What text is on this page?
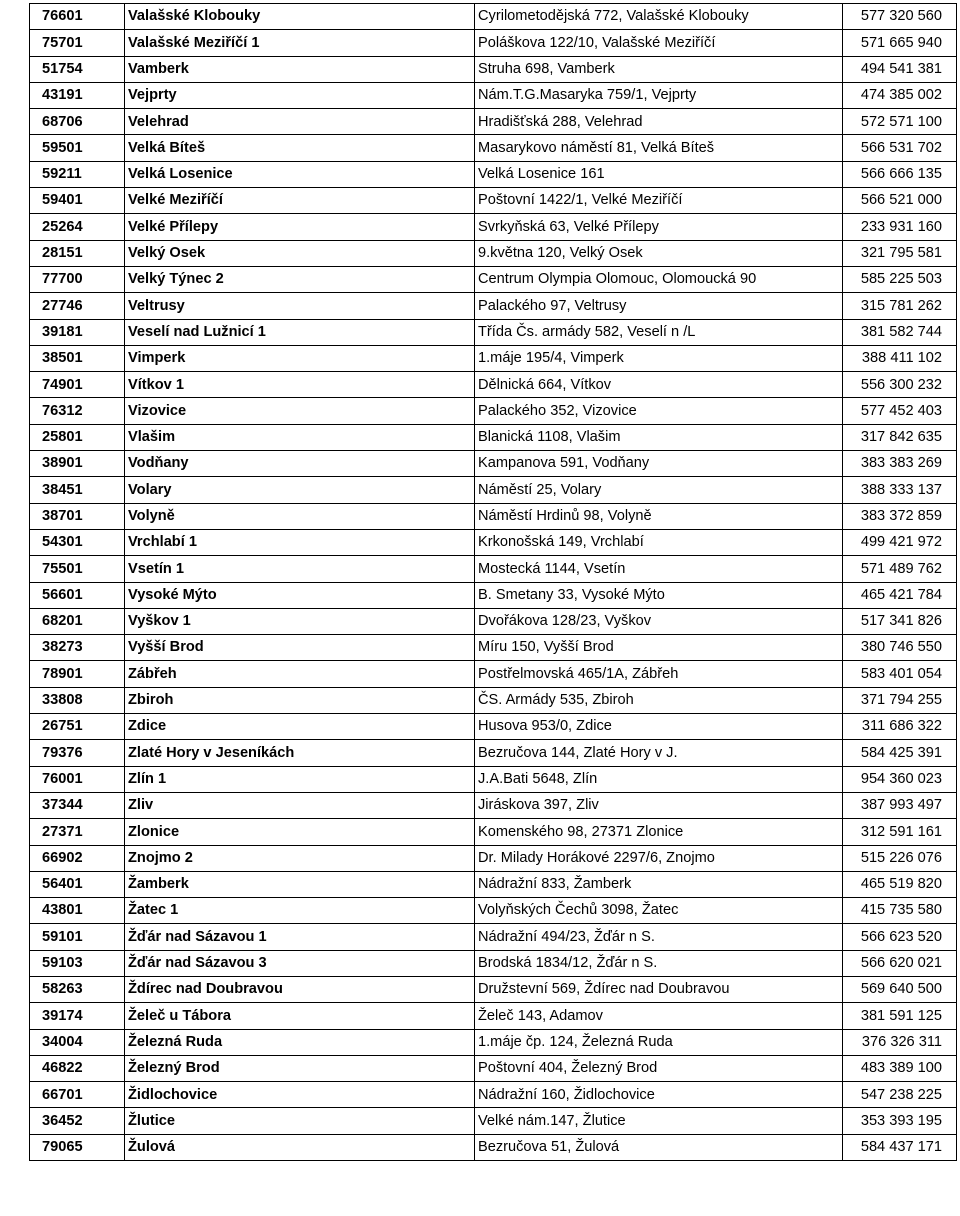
76601	Valašské Klobouky	Cyrilometodějská 772, Valašské Klobouky	577 320 560
75701	Valašské Meziříčí 1	Poláškova 122/10, Valašské Meziříčí	571 665 940
51754	Vamberk	Struha 698, Vamberk	494 541 381
43191	Vejprty	Nám.T.G.Masaryka 759/1, Vejprty	474 385 002
68706	Velehrad	Hradišťská 288, Velehrad	572 571 100
59501	Velká Bíteš	Masarykovo náměstí 81, Velká Bíteš	566 531 702
59211	Velká Losenice	Velká Losenice 161	566 666 135
59401	Velké Meziříčí	Poštovní 1422/1, Velké Meziříčí	566 521 000
25264	Velké Přílepy	Svrkyňská 63, Velké Přílepy	233 931 160
28151	Velký Osek	9.května 120, Velký Osek	321 795 581
77700	Velký Týnec 2	Centrum Olympia Olomouc, Olomoucká 90	585 225 503
27746	Veltrusy	Palackého 97, Veltrusy	315 781 262
39181	Veselí nad Lužnicí 1	Třída Čs. armády 582, Veselí n /L	381 582 744
38501	Vimperk	1.máje 195/4, Vimperk	388 411 102
74901	Vítkov 1	Dělnická 664, Vítkov	556 300 232
76312	Vizovice	Palackého 352, Vizovice	577 452 403
25801	Vlašim	Blanická 1108, Vlašim	317 842 635
38901	Vodňany	Kampanova 591, Vodňany	383 383 269
38451	Volary	Náměstí 25, Volary	388 333 137
38701	Volyně	Náměstí Hrdinů 98, Volyně	383 372 859
54301	Vrchlabí 1	Krkonošská 149, Vrchlabí	499 421 972
75501	Vsetín 1	Mostecká 1144, Vsetín	571 489 762
56601	Vysoké Mýto	B. Smetany 33, Vysoké Mýto	465 421 784
68201	Vyškov 1	Dvořákova 128/23, Vyškov	517 341 826
38273	Vyšší Brod	Míru 150, Vyšší Brod	380 746 550
78901	Zábřeh	Postřelmovská 465/1A, Zábřeh	583 401 054
33808	Zbiroh	ČS. Armády 535, Zbiroh	371 794 255
26751	Zdice	Husova 953/0, Zdice	311 686 322
79376	Zlaté Hory v Jeseníkách	Bezručova 144, Zlaté Hory v J.	584 425 391
76001	Zlín 1	J.A.Bati 5648, Zlín	954 360 023
37344	Zliv	Jiráskova 397, Zliv	387 993 497
27371	Zlonice	Komenského 98, 27371 Zlonice	312 591 161
66902	Znojmo 2	Dr. Milady Horákové 2297/6, Znojmo	515 226 076
56401	Žamberk	Nádražní 833, Žamberk	465 519 820
43801	Žatec 1	Volyňských Čechů 3098, Žatec	415 735 580
59101	Žďár nad Sázavou 1	Nádražní 494/23, Žďár n S.	566 623 520
59103	Žďár nad Sázavou 3	Brodská 1834/12, Žďár n S.	566 620 021
58263	Ždírec nad Doubravou	Družstevní 569, Ždírec nad Doubravou	569 640 500
39174	Želeč u Tábora	Želeč 143, Adamov	381 591 125
34004	Železná Ruda	1.máje čp. 124, Železná Ruda	376 326 311
46822	Železný Brod	Poštovní 404, Železný Brod	483 389 100
66701	Židlochovice	Nádražní 160, Židlochovice	547 238 225
36452	Žlutice	Velké nám.147, Žlutice	353 393 195
79065	Žulová	Bezručova 51, Žulová	584 437 171
